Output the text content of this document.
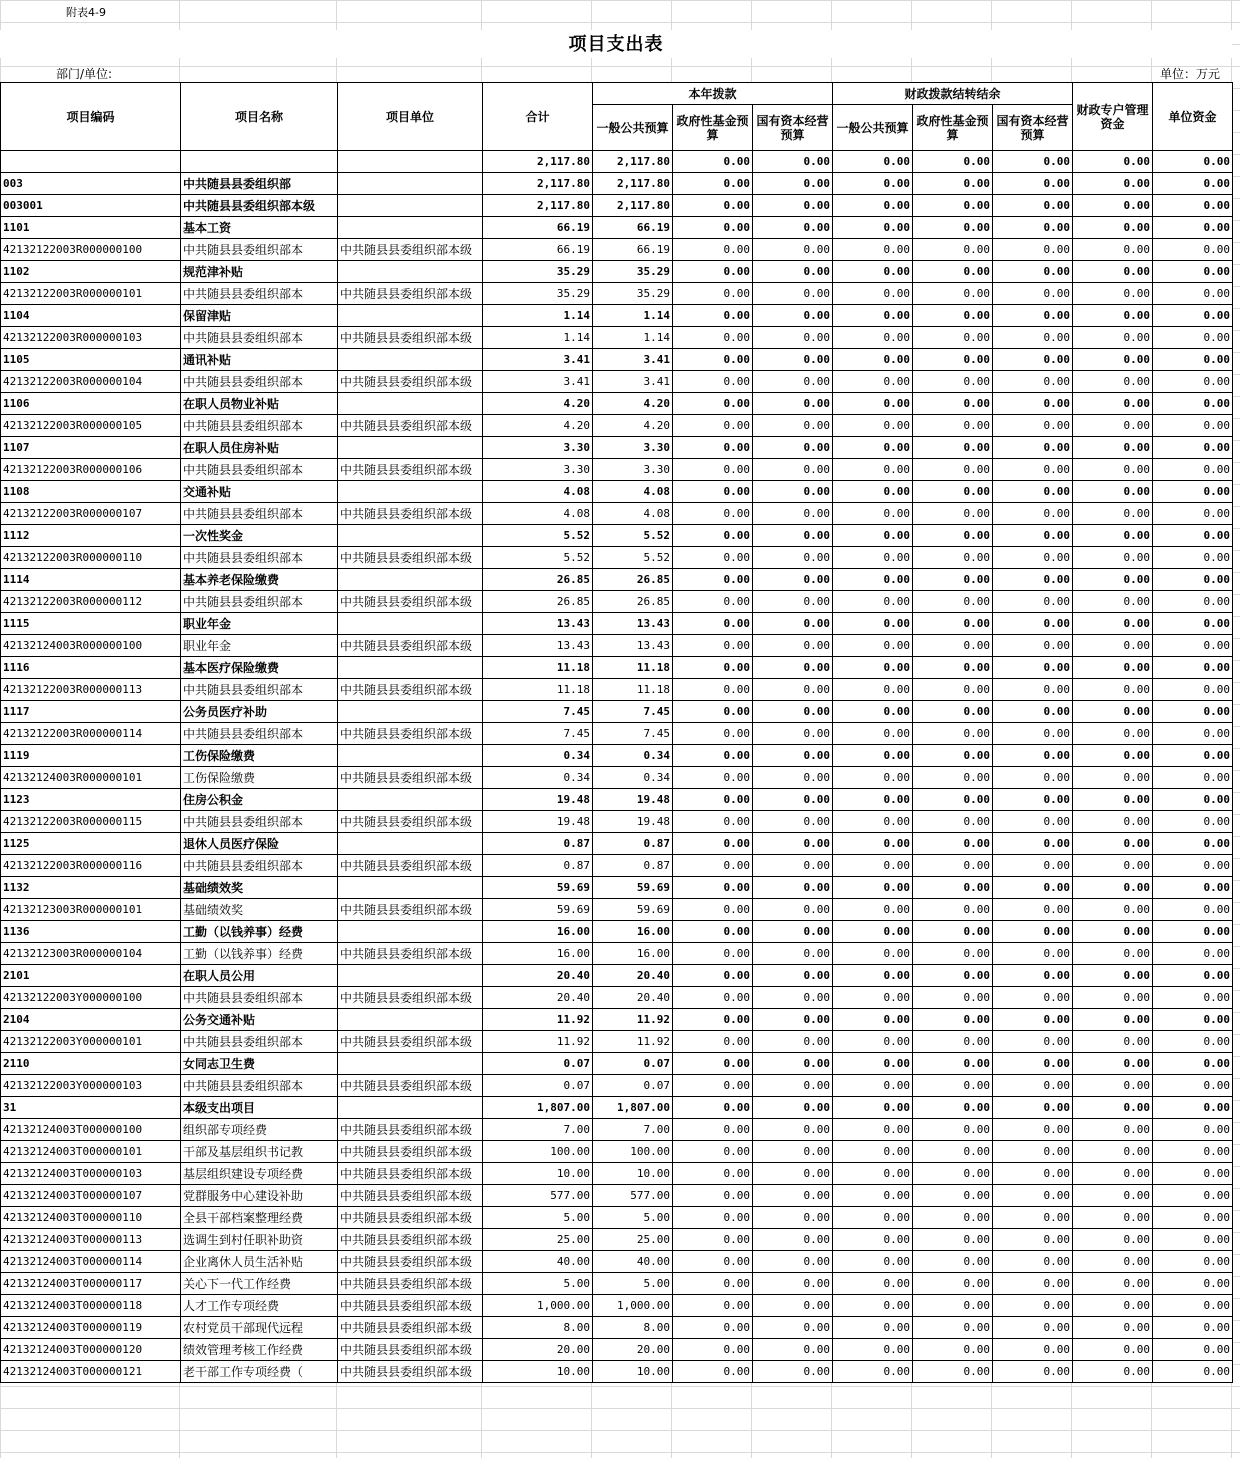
附表4-9
项目支出表
部门/单位:	单位：万元
项目编码	项目名称	项目单位	合计	本年拨款			财政拨款结转结余			财政专户管理资金	单位资金
				一般公共预算	政府性基金预算	国有资本经营预算	一般公共预算	政府性基金预算	国有资本经营预算		
			2,117.80	2,117.80	0.00	0.00	0.00	0.00	0.00	0.00	0.00
003	中共随县县委组织部		2,117.80	2,117.80	0.00	0.00	0.00	0.00	0.00	0.00	0.00
003001	中共随县县委组织部本级		2,117.80	2,117.80	0.00	0.00	0.00	0.00	0.00	0.00	0.00
1101	基本工资		66.19	66.19	0.00	0.00	0.00	0.00	0.00	0.00	0.00
42132122003R000000100	中共随县县委组织部本	中共随县县委组织部本级	66.19	66.19	0.00	0.00	0.00	0.00	0.00	0.00	0.00
1102	规范津补贴		35.29	35.29	0.00	0.00	0.00	0.00	0.00	0.00	0.00
42132122003R000000101	中共随县县委组织部本	中共随县县委组织部本级	35.29	35.29	0.00	0.00	0.00	0.00	0.00	0.00	0.00
1104	保留津贴		1.14	1.14	0.00	0.00	0.00	0.00	0.00	0.00	0.00
42132122003R000000103	中共随县县委组织部本	中共随县县委组织部本级	1.14	1.14	0.00	0.00	0.00	0.00	0.00	0.00	0.00
1105	通讯补贴		3.41	3.41	0.00	0.00	0.00	0.00	0.00	0.00	0.00
42132122003R000000104	中共随县县委组织部本	中共随县县委组织部本级	3.41	3.41	0.00	0.00	0.00	0.00	0.00	0.00	0.00
1106	在职人员物业补贴		4.20	4.20	0.00	0.00	0.00	0.00	0.00	0.00	0.00
42132122003R000000105	中共随县县委组织部本	中共随县县委组织部本级	4.20	4.20	0.00	0.00	0.00	0.00	0.00	0.00	0.00
1107	在职人员住房补贴		3.30	3.30	0.00	0.00	0.00	0.00	0.00	0.00	0.00
42132122003R000000106	中共随县县委组织部本	中共随县县委组织部本级	3.30	3.30	0.00	0.00	0.00	0.00	0.00	0.00	0.00
1108	交通补贴		4.08	4.08	0.00	0.00	0.00	0.00	0.00	0.00	0.00
42132122003R000000107	中共随县县委组织部本	中共随县县委组织部本级	4.08	4.08	0.00	0.00	0.00	0.00	0.00	0.00	0.00
1112	一次性奖金		5.52	5.52	0.00	0.00	0.00	0.00	0.00	0.00	0.00
42132122003R000000110	中共随县县委组织部本	中共随县县委组织部本级	5.52	5.52	0.00	0.00	0.00	0.00	0.00	0.00	0.00
1114	基本养老保险缴费		26.85	26.85	0.00	0.00	0.00	0.00	0.00	0.00	0.00
42132122003R000000112	中共随县县委组织部本	中共随县县委组织部本级	26.85	26.85	0.00	0.00	0.00	0.00	0.00	0.00	0.00
1115	职业年金		13.43	13.43	0.00	0.00	0.00	0.00	0.00	0.00	0.00
42132124003R000000100	职业年金	中共随县县委组织部本级	13.43	13.43	0.00	0.00	0.00	0.00	0.00	0.00	0.00
1116	基本医疗保险缴费		11.18	11.18	0.00	0.00	0.00	0.00	0.00	0.00	0.00
42132122003R000000113	中共随县县委组织部本	中共随县县委组织部本级	11.18	11.18	0.00	0.00	0.00	0.00	0.00	0.00	0.00
1117	公务员医疗补助		7.45	7.45	0.00	0.00	0.00	0.00	0.00	0.00	0.00
42132122003R000000114	中共随县县委组织部本	中共随县县委组织部本级	7.45	7.45	0.00	0.00	0.00	0.00	0.00	0.00	0.00
1119	工伤保险缴费		0.34	0.34	0.00	0.00	0.00	0.00	0.00	0.00	0.00
42132124003R000000101	工伤保险缴费	中共随县县委组织部本级	0.34	0.34	0.00	0.00	0.00	0.00	0.00	0.00	0.00
1123	住房公积金		19.48	19.48	0.00	0.00	0.00	0.00	0.00	0.00	0.00
42132122003R000000115	中共随县县委组织部本	中共随县县委组织部本级	19.48	19.48	0.00	0.00	0.00	0.00	0.00	0.00	0.00
1125	退休人员医疗保险		0.87	0.87	0.00	0.00	0.00	0.00	0.00	0.00	0.00
42132122003R000000116	中共随县县委组织部本	中共随县县委组织部本级	0.87	0.87	0.00	0.00	0.00	0.00	0.00	0.00	0.00
1132	基础绩效奖		59.69	59.69	0.00	0.00	0.00	0.00	0.00	0.00	0.00
42132123003R000000101	基础绩效奖	中共随县县委组织部本级	59.69	59.69	0.00	0.00	0.00	0.00	0.00	0.00	0.00
1136	工勤（以钱养事）经费		16.00	16.00	0.00	0.00	0.00	0.00	0.00	0.00	0.00
42132123003R000000104	工勤（以钱养事）经费	中共随县县委组织部本级	16.00	16.00	0.00	0.00	0.00	0.00	0.00	0.00	0.00
2101	在职人员公用		20.40	20.40	0.00	0.00	0.00	0.00	0.00	0.00	0.00
42132122003Y000000100	中共随县县委组织部本	中共随县县委组织部本级	20.40	20.40	0.00	0.00	0.00	0.00	0.00	0.00	0.00
2104	公务交通补贴		11.92	11.92	0.00	0.00	0.00	0.00	0.00	0.00	0.00
42132122003Y000000101	中共随县县委组织部本	中共随县县委组织部本级	11.92	11.92	0.00	0.00	0.00	0.00	0.00	0.00	0.00
2110	女同志卫生费		0.07	0.07	0.00	0.00	0.00	0.00	0.00	0.00	0.00
42132122003Y000000103	中共随县县委组织部本	中共随县县委组织部本级	0.07	0.07	0.00	0.00	0.00	0.00	0.00	0.00	0.00
31	本级支出项目		1,807.00	1,807.00	0.00	0.00	0.00	0.00	0.00	0.00	0.00
42132124003T000000100	组织部专项经费	中共随县县委组织部本级	7.00	7.00	0.00	0.00	0.00	0.00	0.00	0.00	0.00
42132124003T000000101	干部及基层组织书记教	中共随县县委组织部本级	100.00	100.00	0.00	0.00	0.00	0.00	0.00	0.00	0.00
42132124003T000000103	基层组织建设专项经费	中共随县县委组织部本级	10.00	10.00	0.00	0.00	0.00	0.00	0.00	0.00	0.00
42132124003T000000107	党群服务中心建设补助	中共随县县委组织部本级	577.00	577.00	0.00	0.00	0.00	0.00	0.00	0.00	0.00
42132124003T000000110	全县干部档案整理经费	中共随县县委组织部本级	5.00	5.00	0.00	0.00	0.00	0.00	0.00	0.00	0.00
42132124003T000000113	选调生到村任职补助资	中共随县县委组织部本级	25.00	25.00	0.00	0.00	0.00	0.00	0.00	0.00	0.00
42132124003T000000114	企业离休人员生活补贴	中共随县县委组织部本级	40.00	40.00	0.00	0.00	0.00	0.00	0.00	0.00	0.00
42132124003T000000117	关心下一代工作经费	中共随县县委组织部本级	5.00	5.00	0.00	0.00	0.00	0.00	0.00	0.00	0.00
42132124003T000000118	人才工作专项经费	中共随县县委组织部本级	1,000.00	1,000.00	0.00	0.00	0.00	0.00	0.00	0.00	0.00
42132124003T000000119	农村党员干部现代远程	中共随县县委组织部本级	8.00	8.00	0.00	0.00	0.00	0.00	0.00	0.00	0.00
42132124003T000000120	绩效管理考核工作经费	中共随县县委组织部本级	20.00	20.00	0.00	0.00	0.00	0.00	0.00	0.00	0.00
42132124003T000000121	老干部工作专项经费（	中共随县县委组织部本级	10.00	10.00	0.00	0.00	0.00	0.00	0.00	0.00	0.00
